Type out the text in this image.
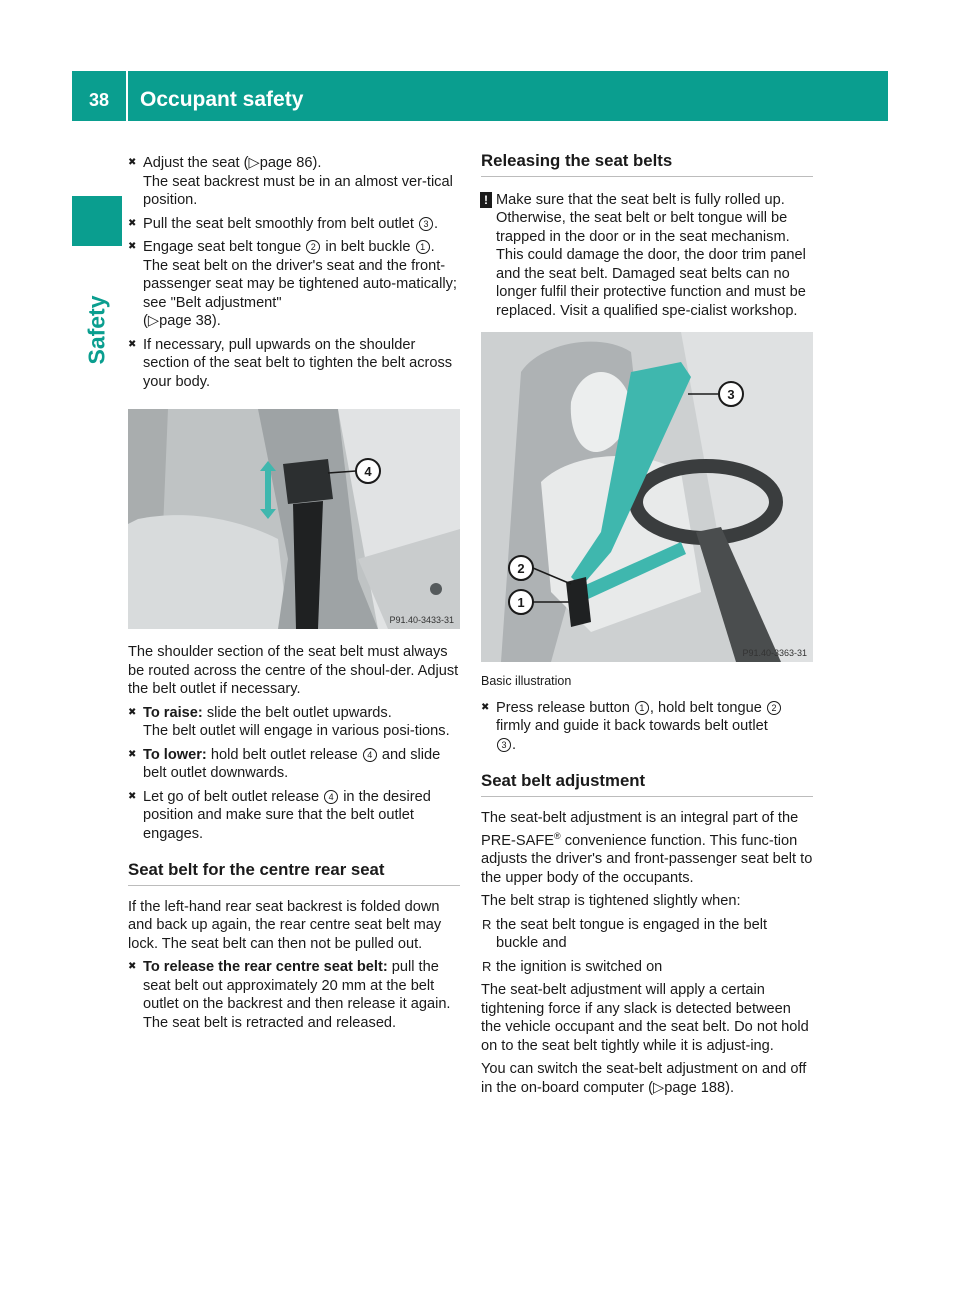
38	Occupant safety
Safety
✖ Adjust the seat (▷page 86).
The seat backrest must be in an almost ver-tical position.
✖ Pull the seat belt smoothly from belt outlet 3 .
✖ Engage seat belt tongue 2 in belt buckle 1 . The seat belt on the driver's seat and the front-passenger seat may be tightened auto-matically; see "Belt adjustment"
(▷page 38).
✖ If necessary, pull upwards on the shoulder section of the seat belt to tighten the belt across your body.
4
P91.40-3433-31

The shoulder section of the seat belt must always be routed across the centre of the shoul-der. Adjust the belt outlet if necessary.

✖ To raise: slide the belt outlet upwards.
The belt outlet will engage in various posi-tions.
✖ To lower: hold belt outlet release 4 and slide belt outlet downwards.
✖ Let go of belt outlet release 4 in the desired position and make sure that the belt outlet engages.
Seat belt for the centre rear seat

If the left-hand rear seat backrest is folded down and back up again, the rear centre seat belt may lock. The seat belt can then not be pulled out.

✖ To release the rear centre seat belt: pull the seat belt out approximately 20 mm at the belt outlet on the backrest and then release it again.
The seat belt is retracted and released.
Releasing the seat belts
! Make sure that the seat belt is fully rolled up. Otherwise, the seat belt or belt tongue will be trapped in the door or in the seat mechanism. This could damage the door, the door trim panel and the seat belt. Damaged seat belts can no longer fulfil their protective function and must be replaced. Visit a qualified spe-cialist workshop.
3
2
1
P91.40-3363-31
Basic illustration
✖ Press release button 1 , hold belt tongue 2 firmly and guide it back towards belt outlet
3 .
Seat belt adjustment

The seat-belt adjustment is an integral part of the PRE-SAFE® convenience function. This func-tion adjusts the driver's and front-passenger seat belt to the upper body of the occupants.

The belt strap is tightened slightly when:

R the seat belt tongue is engaged in the belt buckle and
R the ignition is switched on

The seat-belt adjustment will apply a certain tightening force if any slack is detected between the vehicle occupant and the seat belt. Do not hold on to the seat belt tightly while it is adjust-ing.

You can switch the seat-belt adjustment on and off in the on-board computer (▷page 188).
